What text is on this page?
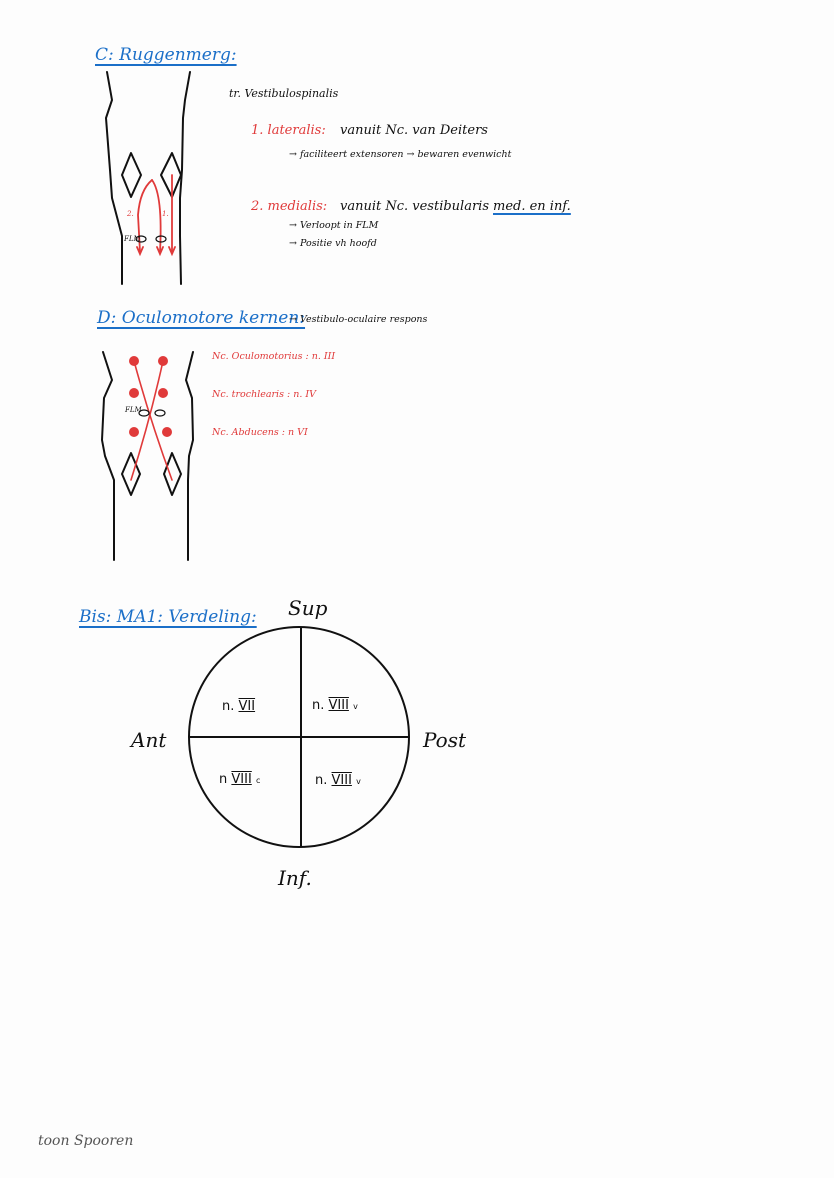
C: Ruggenmerg:
tr. Vestibulospinalis
1. lateralis: vanuit Nc. van Deiters
→ faciliteert extensoren → bewaren evenwicht
2. medialis: vanuit Nc. vestibularis med. en inf.
→ Verloopt in FLM
→ Positie vh hoofd
2.	1.
FLM
D: Oculomotore kernen:
→ Vestibulo-oculaire respons
Nc. Oculomotorius : n. III
Nc. trochlearis : n. IV
Nc. Abducens : n VI
FLM
Bis: MA1: Verdeling: Sup
Inf.
Ant	Post
n. VII	n. VIII v
n VIII c	n. VIII v
toon Spooren
